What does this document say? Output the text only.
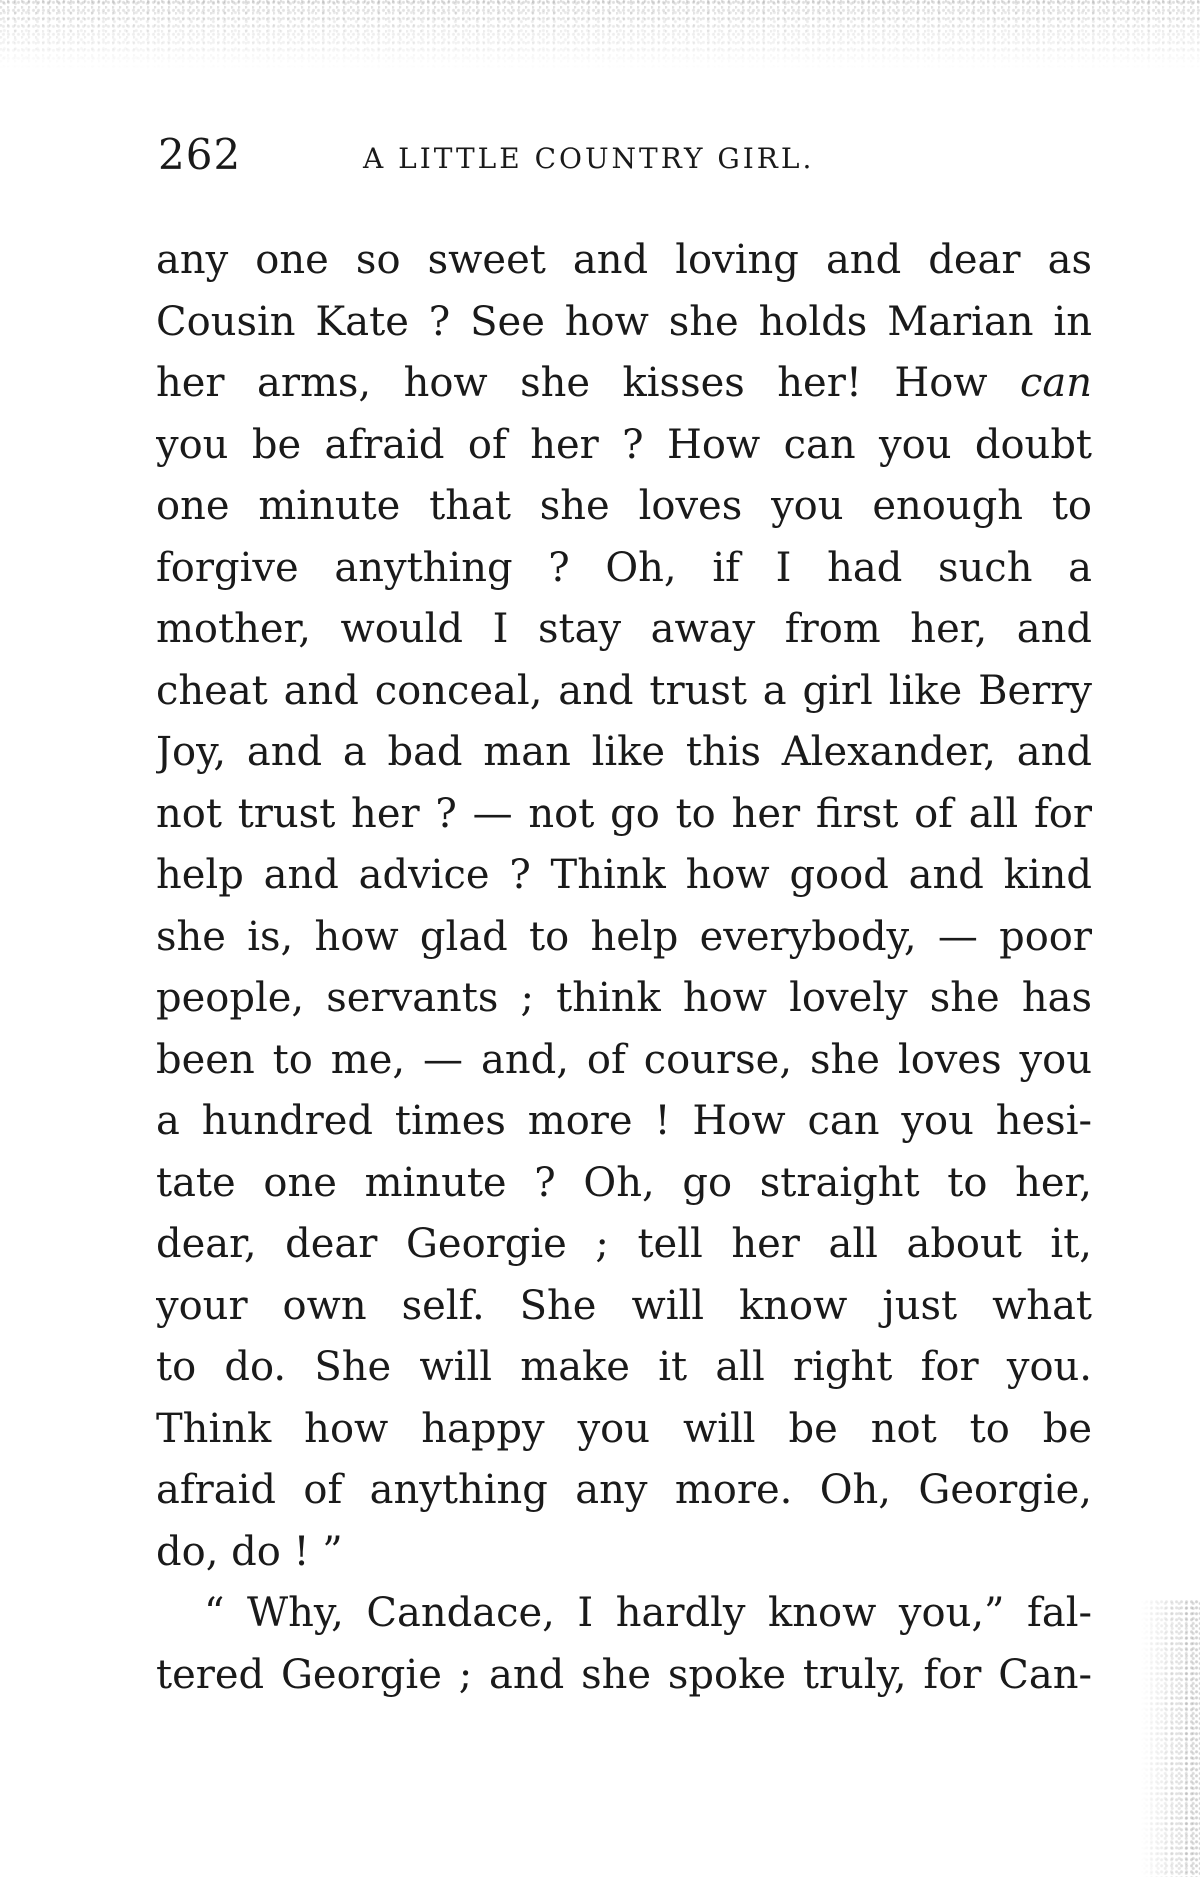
262	A LITTLE COUNTRY GIRL.
any one so sweet and loving and dear as
Cousin Kate ? See how she holds Marian in
her arms, how she kisses her! How can
you be afraid of her ? How can you doubt
one minute that she loves you enough to
forgive anything ? Oh, if I had such a
mother, would I stay away from her, and
cheat and conceal, and trust a girl like Berry
Joy, and a bad man like this Alexander, and
not trust her ? — not go to her first of all for
help and advice ? Think how good and kind
she is, how glad to help everybody, — poor
people, servants ; think how lovely she has
been to me, — and, of course, she loves you
a hundred times more ! How can you hesi-
tate one minute ? Oh, go straight to her,
dear, dear Georgie ; tell her all about it,
your own self. She will know just what
to do. She will make it all right for you.
Think how happy you will be not to be
afraid of anything any more. Oh, Georgie,
do, do ! ”
“ Why, Candace, I hardly know you,” fal-
tered Georgie ; and she spoke truly, for Can-
